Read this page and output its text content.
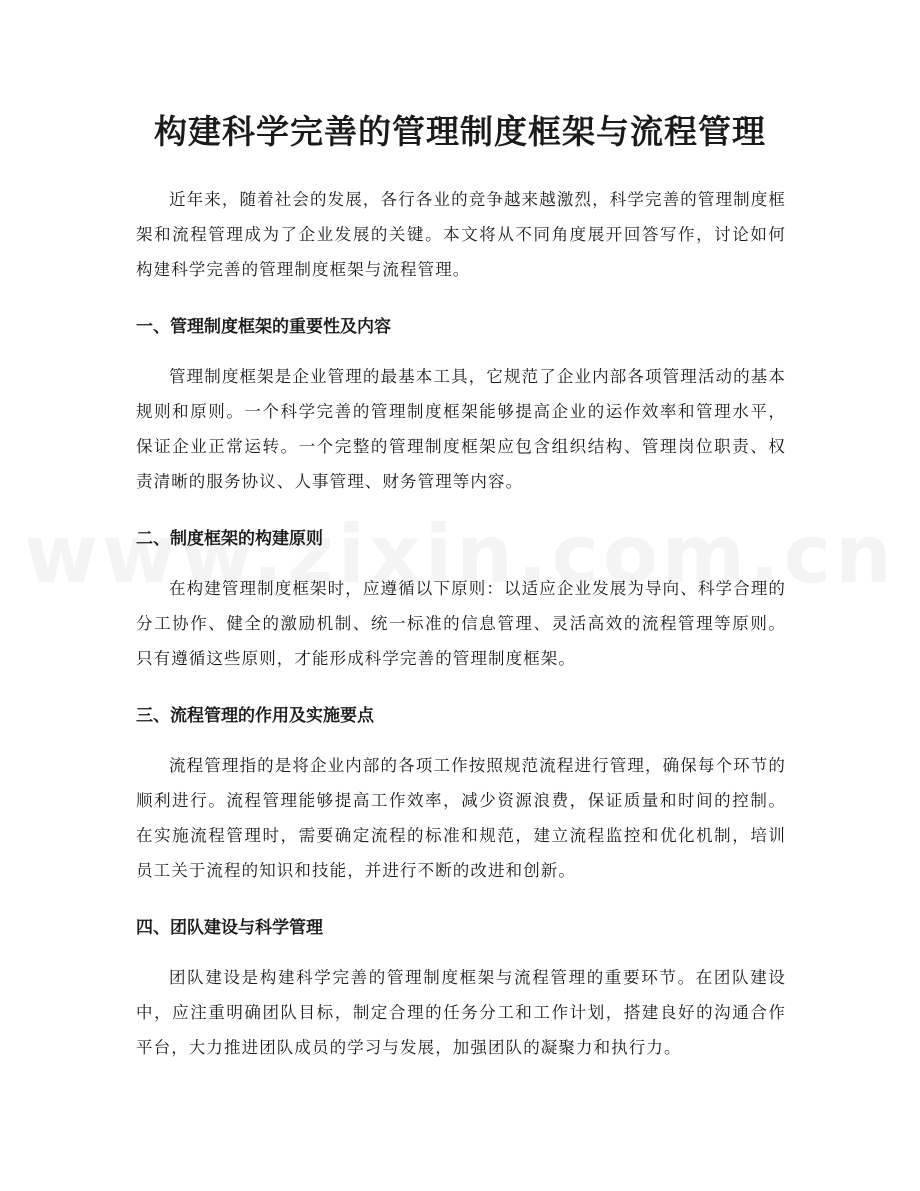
构建科学完善的管理制度框架与流程管理

近年来，随着社会的发展，各行各业的竞争越来越激烈，科学完善的管理制度框架和流程管理成为了企业发展的关键。本文将从不同角度展开回答写作，讨论如何构建科学完善的管理制度框架与流程管理。

一、管理制度框架的重要性及内容

管理制度框架是企业管理的最基本工具，它规范了企业内部各项管理活动的基本规则和原则。一个科学完善的管理制度框架能够提高企业的运作效率和管理水平，保证企业正常运转。一个完整的管理制度框架应包含组织结构、管理岗位职责、权责清晰的服务协议、人事管理、财务管理等内容。

二、制度框架的构建原则

在构建管理制度框架时，应遵循以下原则：以适应企业发展为导向、科学合理的分工协作、健全的激励机制、统一标准的信息管理、灵活高效的流程管理等原则。只有遵循这些原则，才能形成科学完善的管理制度框架。

三、流程管理的作用及实施要点

流程管理指的是将企业内部的各项工作按照规范流程进行管理，确保每个环节的顺利进行。流程管理能够提高工作效率，减少资源浪费，保证质量和时间的控制。在实施流程管理时，需要确定流程的标准和规范，建立流程监控和优化机制，培训员工关于流程的知识和技能，并进行不断的改进和创新。

四、团队建设与科学管理

团队建设是构建科学完善的管理制度框架与流程管理的重要环节。在团队建设中，应注重明确团队目标，制定合理的任务分工和工作计划，搭建良好的沟通合作平台，大力推进团队成员的学习与发展，加强团队的凝聚力和执行力。
